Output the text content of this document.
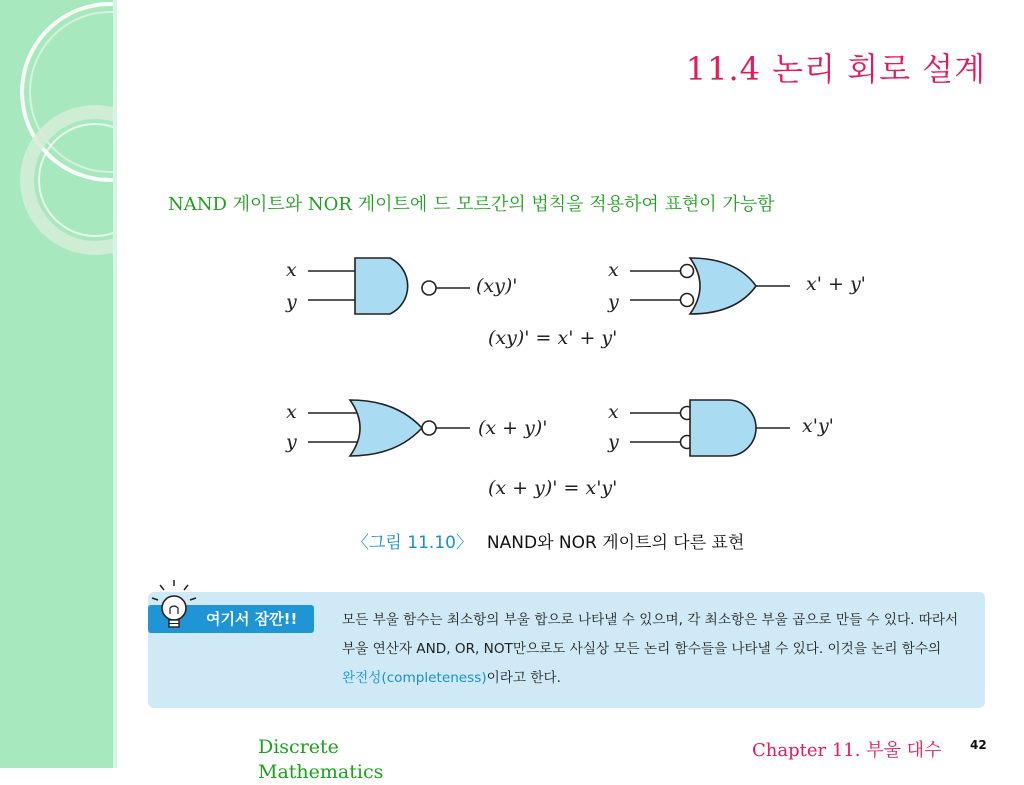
11.4 논리 회로 설계
NAND 게이트와 NOR 게이트에 드 모르간의 법칙을 적용하여 표현이 가능함
x
y
(xy)'
x
y
x' + y'
(xy)' = x' + y'
x
y
(x + y)'
x
y
x'y'
(x + y)' = x'y'
〈그림 11.10〉 NAND와 NOR 게이트의 다른 표현
여기서 잠깐!!	모든 부울 함수는 최소항의 부울 합으로 나타낼 수 있으며, 각 최소항은 부울 곱으로 만들 수 있다. 따라서 부울 연산자 AND, OR, NOT만으로도 사실상 모든 논리 함수들을 나타낼 수 있다. 이것을 논리 함수의 완전성(completeness)이라고 한다.
Discrete
Mathematics
Chapter 11. 부울 대수 42
